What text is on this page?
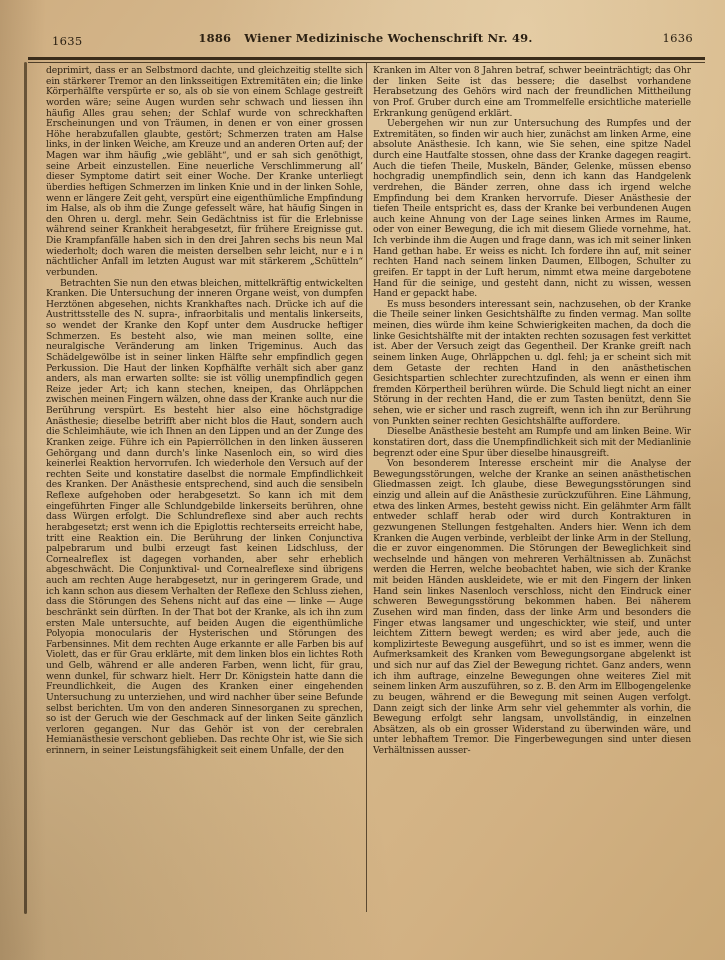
1635	1886 Wiener Medizinische Wochenschrift Nr. 49.	1636

deprimirt, dass er an Selbstmord dachte, und gleichzeitig stellte sich ein stärkerer Tremor an den linksseitigen Extremitäten ein; die linke Körperhälfte verspürte er so, als ob sie von einem Schlage gestreift worden wäre; seine Augen wurden sehr schwach und liessen ihn häufig Alles grau sehen; der Schlaf wurde von schreckhaften Erscheinungen und von Träumen, in denen er von einer grossen Höhe herabzufallen glaubte, gestört; Schmerzen traten am Halse links, in der linken Weiche, am Kreuze und an anderen Orten auf; der Magen war ihm häufig „wie gebläht“, und er sah sich genöthigt, seine Arbeit einzustellen. Eine neuerliche Verschlimmerung all’ dieser Symptome datirt seit einer Woche. Der Kranke unterliegt überdies heftigen Schmerzen im linken Knie und in der linken Sohle, wenn er längere Zeit geht, verspürt eine eigenthümliche Empfindung im Halse, als ob ihm die Zunge gefesselt wäre, hat häufig Singen in den Ohren u. dergl. mehr. Sein Gedächtniss ist für die Erlebnisse während seiner Krankheit herabgesetzt, für frühere Ereignisse gut. Die Krampfanfälle haben sich in den drei Jahren sechs bis neun Mal wiederholt; doch waren die meisten derselben sehr leicht, nur e i n nächtlicher Anfall im letzten August war mit stärkerem „Schütteln“ verbunden.

Betrachten Sie nun den etwas bleichen, mittelkräftig entwickelten Kranken. Die Untersuchung der inneren Organe weist, von dumpfen Herztönen abgesehen, nichts Krankhaftes nach. Drücke ich auf die Austrittsstelle des N. supra-, infraorbitalis und mentalis linkerseits, so wendet der Kranke den Kopf unter dem Ausdrucke heftiger Schmerzen. Es besteht also, wie man meinen sollte, eine neuralgische Veränderung am linken Trigeminus. Auch das Schädelgewölbe ist in seiner linken Hälfte sehr empfindlich gegen Perkussion. Die Haut der linken Kopfhälfte verhält sich aber ganz anders, als man erwarten sollte: sie ist völlig unempfindlich gegen Reize jeder Art; ich kann stechen, kneipen, das Ohrläppchen zwischen meinen Fingern wälzen, ohne dass der Kranke auch nur die Berührung verspürt. Es besteht hier also eine höchstgradige Anästhesie; dieselbe betrifft aber nicht blos die Haut, sondern auch die Schleimhäute, wie ich Ihnen an den Lippen und an der Zunge des Kranken zeige. Führe ich ein Papierröllchen in den linken äusseren Gehörgang und dann durch's linke Nasenloch ein, so wird dies keinerlei Reaktion hervorrufen. Ich wiederhole den Versuch auf der rechten Seite und konstatire daselbst die normale Empfindlichkeit des Kranken. Der Anästhesie entsprechend, sind auch die sensibeln Reflexe aufgehoben oder herabgesetzt. So kann ich mit dem eingeführten Finger alle Schlundgebilde linkerseits berühren, ohne dass Würgen erfolgt. Die Schlundreflexe sind aber auch rechts herabgesetzt; erst wenn ich die Epiglottis rechterseits erreicht habe, tritt eine Reaktion ein. Die Berührung der linken Conjunctiva palpebrarum und bulbi erzeugt fast keinen Lidschluss, der Cornealreflex ist dagegen vorhanden, aber sehr erheblich abgeschwächt. Die Conjunktival- und Cornealreflexe sind übrigens auch am rechten Auge herabgesetzt, nur in geringerem Grade, und ich kann schon aus diesem Verhalten der Reflexe den Schluss ziehen, dass die Störungen des Sehens nicht auf das eine — linke — Auge beschränkt sein dürften. In der That bot der Kranke, als ich ihn zum ersten Male untersuchte, auf beiden Augen die eigenthümliche Polyopia monocularis der Hysterischen und Störungen des Farbensinnes. Mit dem rechten Auge erkannte er alle Farben bis auf Violett, das er für Grau erklärte, mit dem linken blos ein lichtes Roth und Gelb, während er alle anderen Farben, wenn licht, für grau, wenn dunkel, für schwarz hielt. Herr Dr. Königstein hatte dann die Freundlichkeit, die Augen des Kranken einer eingehenden Untersuchung zu unterziehen, und wird nachher über seine Befunde selbst berichten. Um von den anderen Sinnesorganen zu sprechen, so ist der Geruch wie der Geschmack auf der linken Seite gänzlich verloren gegangen. Nur das Gehör ist von der cerebralen Hemianästhesie verschont geblieben. Das rechte Ohr ist, wie Sie sich erinnern, in seiner Leistungsfähigkeit seit einem Unfalle, der den

Kranken im Alter von 8 Jahren betraf, schwer beeinträchtigt; das Ohr der linken Seite ist das bessere; die daselbst vorhandene Herabsetzung des Gehörs wird nach der freundlichen Mittheilung von Prof. Gruber durch eine am Trommelfelle ersichtliche materielle Erkrankung genügend erklärt.

Uebergehen wir nun zur Untersuchung des Rumpfes und der Extremitäten, so finden wir auch hier, zunächst am linken Arme, eine absolute Anästhesie. Ich kann, wie Sie sehen, eine spitze Nadel durch eine Hautfalte stossen, ohne dass der Kranke dagegen reagirt. Auch die tiefen Theile, Muskeln, Bänder, Gelenke, müssen ebenso hochgradig unempfindlich sein, denn ich kann das Handgelenk verdrehen, die Bänder zerren, ohne dass ich irgend welche Empfindung bei dem Kranken hervorrufe. Dieser Anästhesie der tiefen Theile entspricht es, dass der Kranke bei verbundenen Augen auch keine Ahnung von der Lage seines linken Armes im Raume, oder von einer Bewegung, die ich mit diesem Gliede vornehme, hat. Ich verbinde ihm die Augen und frage dann, was ich mit seiner linken Hand gethan habe. Er weiss es nicht. Ich fordere ihn auf, mit seiner rechten Hand nach seinem linken Daumen, Ellbogen, Schulter zu greifen. Er tappt in der Luft herum, nimmt etwa meine dargebotene Hand für die seinige, und gesteht dann, nicht zu wissen, wessen Hand er gepackt habe.

Es muss besonders interessant sein, nachzusehen, ob der Kranke die Theile seiner linken Gesichtshälfte zu finden vermag. Man sollte meinen, dies würde ihm keine Schwierigkeiten machen, da doch die linke Gesichtshälfte mit der intakten rechten sozusagen fest verkittet ist. Aber der Versuch zeigt das Gegentheil. Der Kranke greift nach seinem linken Auge, Ohrläppchen u. dgl. fehl; ja er scheint sich mit dem Getaste der rechten Hand in den anästhetischen Gesichtspartien schlechter zurechtzufinden, als wenn er einen ihm fremden Körpertheil berühren würde. Die Schuld liegt nicht an einer Störung in der rechten Hand, die er zum Tasten benützt, denn Sie sehen, wie er sicher und rasch zugreift, wenn ich ihn zur Berührung von Punkten seiner rechten Gesichtshälfte auffordere.

Dieselbe Anästhesie besteht am Rumpfe und am linken Beine. Wir konstatiren dort, dass die Unempfindlichkeit sich mit der Medianlinie begrenzt oder eine Spur über dieselbe hinausgreift.

Von besonderem Interesse erscheint mir die Analyse der Bewegungsstörungen, welche der Kranke an seinen anästhetischen Gliedmassen zeigt. Ich glaube, diese Bewegungsstörungen sind einzig und allein auf die Anästhesie zurückzuführen. Eine Lähmung, etwa des linken Armes, besteht gewiss nicht. Ein gelähmter Arm fällt entweder schlaff herab oder wird durch Kontrakturen in gezwungenen Stellungen festgehalten. Anders hier. Wenn ich dem Kranken die Augen verbinde, verbleibt der linke Arm in der Stellung, die er zuvor eingenommen. Die Störungen der Beweglichkeit sind wechselnde und hängen von mehreren Verhältnissen ab. Zunächst werden die Herren, welche beobachtet haben, wie sich der Kranke mit beiden Händen auskleidete, wie er mit den Fingern der linken Hand sein linkes Nasenloch verschloss, nicht den Eindruck einer schweren Bewegungsstörung bekommen haben. Bei näherem Zusehen wird man finden, dass der linke Arm und besonders die Finger etwas langsamer und ungeschickter, wie steif, und unter leichtem Zittern bewegt werden; es wird aber jede, auch die komplizirteste Bewegung ausgeführt, und so ist es immer, wenn die Aufmerksamkeit des Kranken vom Bewegungsorgane abgelenkt ist und sich nur auf das Ziel der Bewegung richtet. Ganz anders, wenn ich ihm auftrage, einzelne Bewegungen ohne weiteres Ziel mit seinem linken Arm auszuführen, so z. B. den Arm im Ellbogengelenke zu beugen, während er die Bewegung mit seinen Augen verfolgt. Dann zeigt sich der linke Arm sehr viel gehemmter als vorhin, die Bewegung erfolgt sehr langsam, unvollständig, in einzelnen Absätzen, als ob ein grosser Widerstand zu überwinden wäre, und unter lebhaftem Tremor. Die Fingerbewegungen sind unter diesen Verhältnissen ausser-
